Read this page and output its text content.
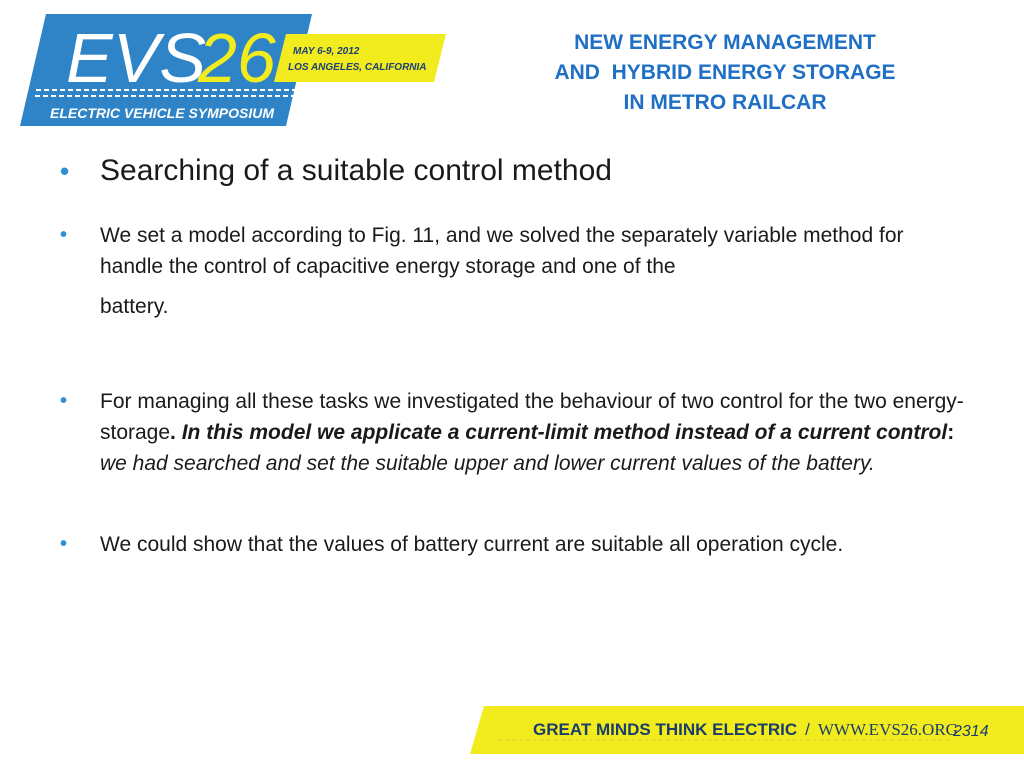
EVS
26 MAY 6-9, 2012
LOS ANGELES, CALIFORNIA
ELECTRIC VEHICLE SYMPOSIUM
NEW ENERGY MANAGEMENT
AND  HYBRID ENERGY STORAGE
IN METRO RAILCAR
• Searching of a suitable control method
• We set a model according to Fig. 11, and we solved the separately variable method for handle the control of capacitive energy storage and one of the
battery.
• For managing all these tasks we investigated the behaviour of two control for the two energy-storage. In this model we applicate a current-limit method instead of a current control: we had searched and set the suitable upper and lower current values of the battery.
• We could show that the values of battery current are suitable all operation cycle.
GREAT MINDS THINK ELECTRIC / WWW.EVS26.ORG
2314
